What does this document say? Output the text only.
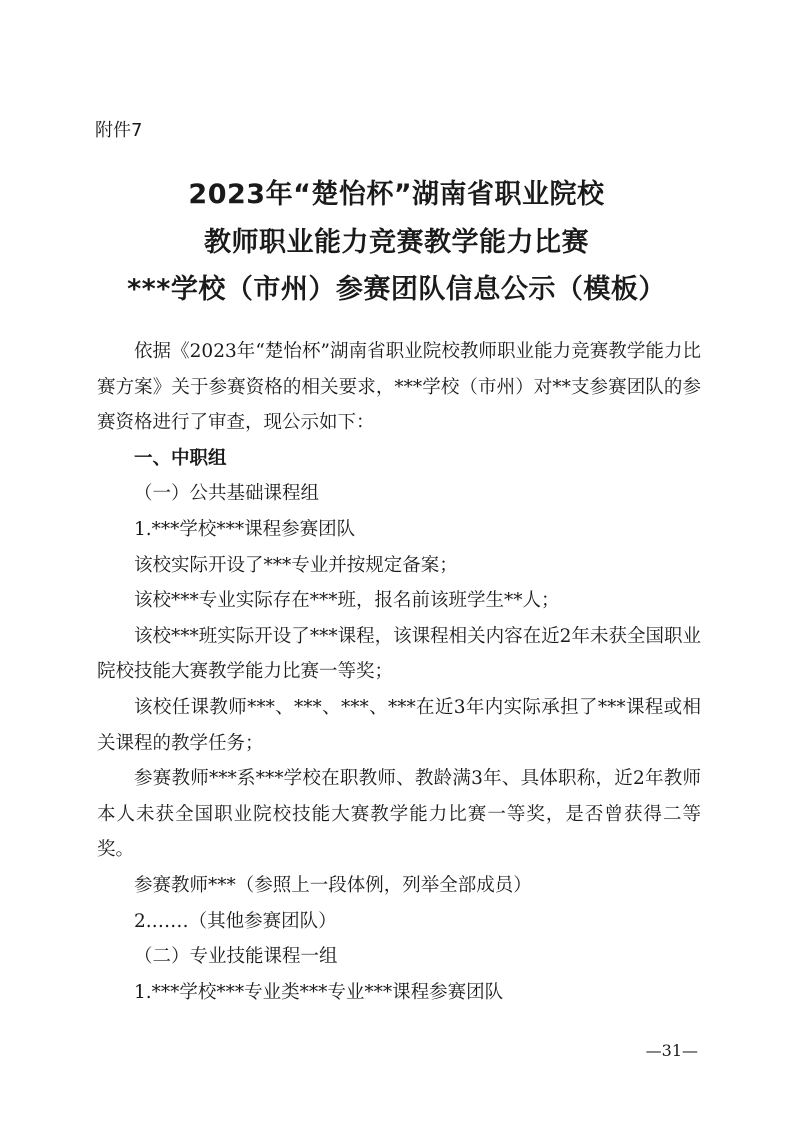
附件7

2023年“楚怡杯”湖南省职业院校
教师职业能力竞赛教学能力比赛
***学校（市州）参赛团队信息公示（模板）

依据《2023年“楚怡杯”湖南省职业院校教师职业能力竞赛教学能力比赛方案》关于参赛资格的相关要求，***学校（市州）对**支参赛团队的参赛资格进行了审查，现公示如下：

一、中职组

（一）公共基础课程组

1.***学校***课程参赛团队

该校实际开设了***专业并按规定备案；

该校***专业实际存在***班，报名前该班学生**人；

该校***班实际开设了***课程，该课程相关内容在近2年未获全国职业院校技能大赛教学能力比赛一等奖；

该校任课教师***、***、***、***在近3年内实际承担了***课程或相关课程的教学任务；

参赛教师***系***学校在职教师、教龄满3年、具体职称，近2年教师本人未获全国职业院校技能大赛教学能力比赛一等奖，是否曾获得二等奖。

参赛教师***（参照上一段体例，列举全部成员）

2.……（其他参赛团队）

（二）专业技能课程一组

1.***学校***专业类***专业***课程参赛团队

—31—
